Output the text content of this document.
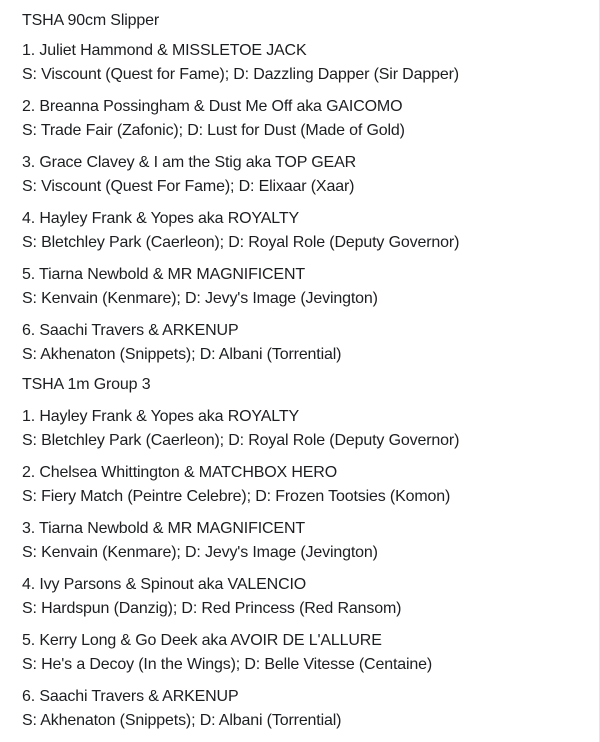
TSHA 90cm Slipper
1. Juliet Hammond & MISSLETOE JACK
S: Viscount (Quest for Fame); D: Dazzling Dapper (Sir Dapper)
2. Breanna Possingham & Dust Me Off aka GAICOMO
S: Trade Fair (Zafonic); D: Lust for Dust (Made of Gold)
3. Grace Clavey & I am the Stig aka TOP GEAR
S: Viscount (Quest For Fame); D: Elixaar (Xaar)
4. Hayley Frank & Yopes aka ROYALTY
S: Bletchley Park (Caerleon); D: Royal Role (Deputy Governor)
5. Tiarna Newbold & MR MAGNIFICENT
S: Kenvain (Kenmare); D: Jevy's Image (Jevington)
6. Saachi Travers & ARKENUP
S: Akhenaton (Snippets); D: Albani (Torrential)
TSHA 1m Group 3
1. Hayley Frank & Yopes aka ROYALTY
S: Bletchley Park (Caerleon); D: Royal Role (Deputy Governor)
2. Chelsea Whittington & MATCHBOX HERO
S: Fiery Match (Peintre Celebre); D: Frozen Tootsies (Komon)
3. Tiarna Newbold & MR MAGNIFICENT
S: Kenvain (Kenmare); D: Jevy's Image (Jevington)
4. Ivy Parsons & Spinout aka VALENCIO
S: Hardspun (Danzig); D: Red Princess (Red Ransom)
5. Kerry Long & Go Deek aka AVOIR DE L'ALLURE
S: He's a Decoy (In the Wings); D: Belle Vitesse (Centaine)
6. Saachi Travers & ARKENUP
S: Akhenaton (Snippets); D: Albani (Torrential)
